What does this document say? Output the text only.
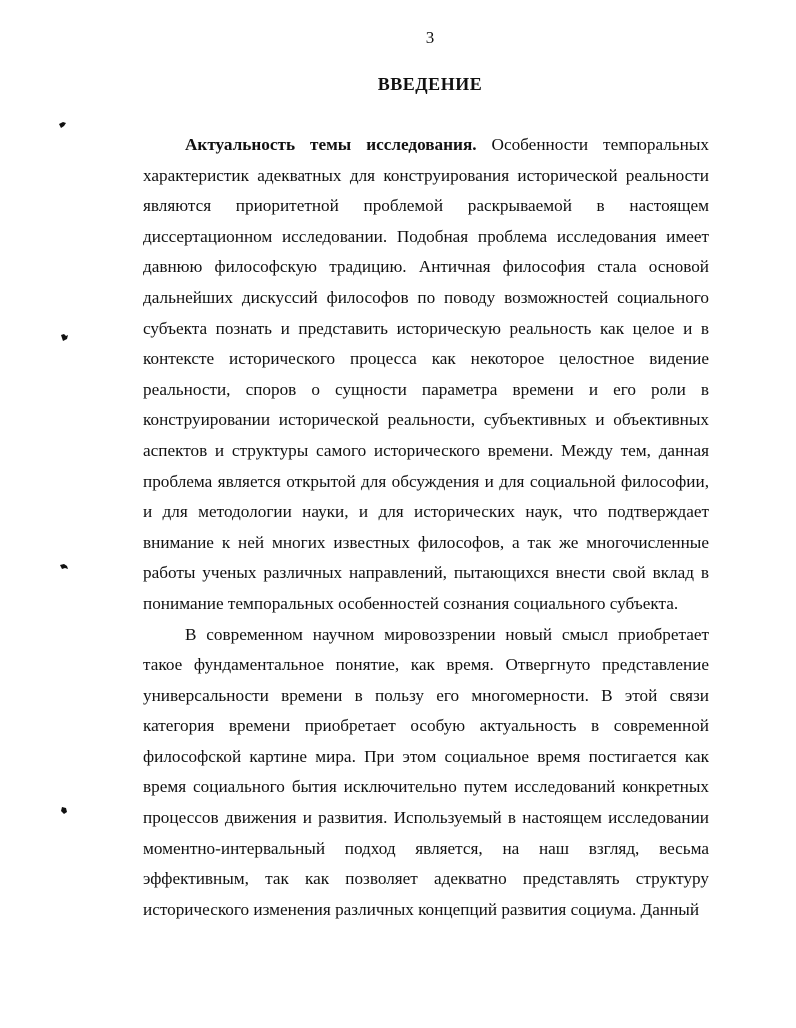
3
ВВЕДЕНИЕ

Актуальность темы исследования. Особенности темпоральных характеристик адекватных для конструирования исторической реальности являются приоритетной проблемой раскрываемой в настоящем диссертационном исследовании. Подобная проблема исследования имеет давнюю философскую традицию. Античная философия стала основой дальнейших дискуссий философов по поводу возможностей социального субъекта познать и представить историческую реальность как целое и в контексте исторического процесса как некоторое целостное видение реальности, споров о сущности параметра времени и его роли в конструировании исторической реальности, субъективных и объективных аспектов и структуры самого исторического времени. Между тем, данная проблема является открытой для обсуждения и для социальной философии, и для методологии науки, и для исторических наук, что подтверждает внимание к ней многих известных философов, а так же многочисленные работы ученых различных направлений, пытающихся внести свой вклад в понимание темпоральных особенностей сознания социального субъекта.

В современном научном мировоззрении новый смысл приобретает такое фундаментальное понятие, как время. Отвергнуто представление универсальности времени в пользу его многомерности. В этой связи категория времени приобретает особую актуальность в современной философской картине мира. При этом социальное время постигается как время социального бытия исключительно путем исследований конкретных процессов движения и развития. Используемый в настоящем исследовании моментно-интервальный подход является, на наш взгляд, весьма эффективным, так как позволяет адекватно представлять структуру исторического изменения различных концепций развития социума. Данный
